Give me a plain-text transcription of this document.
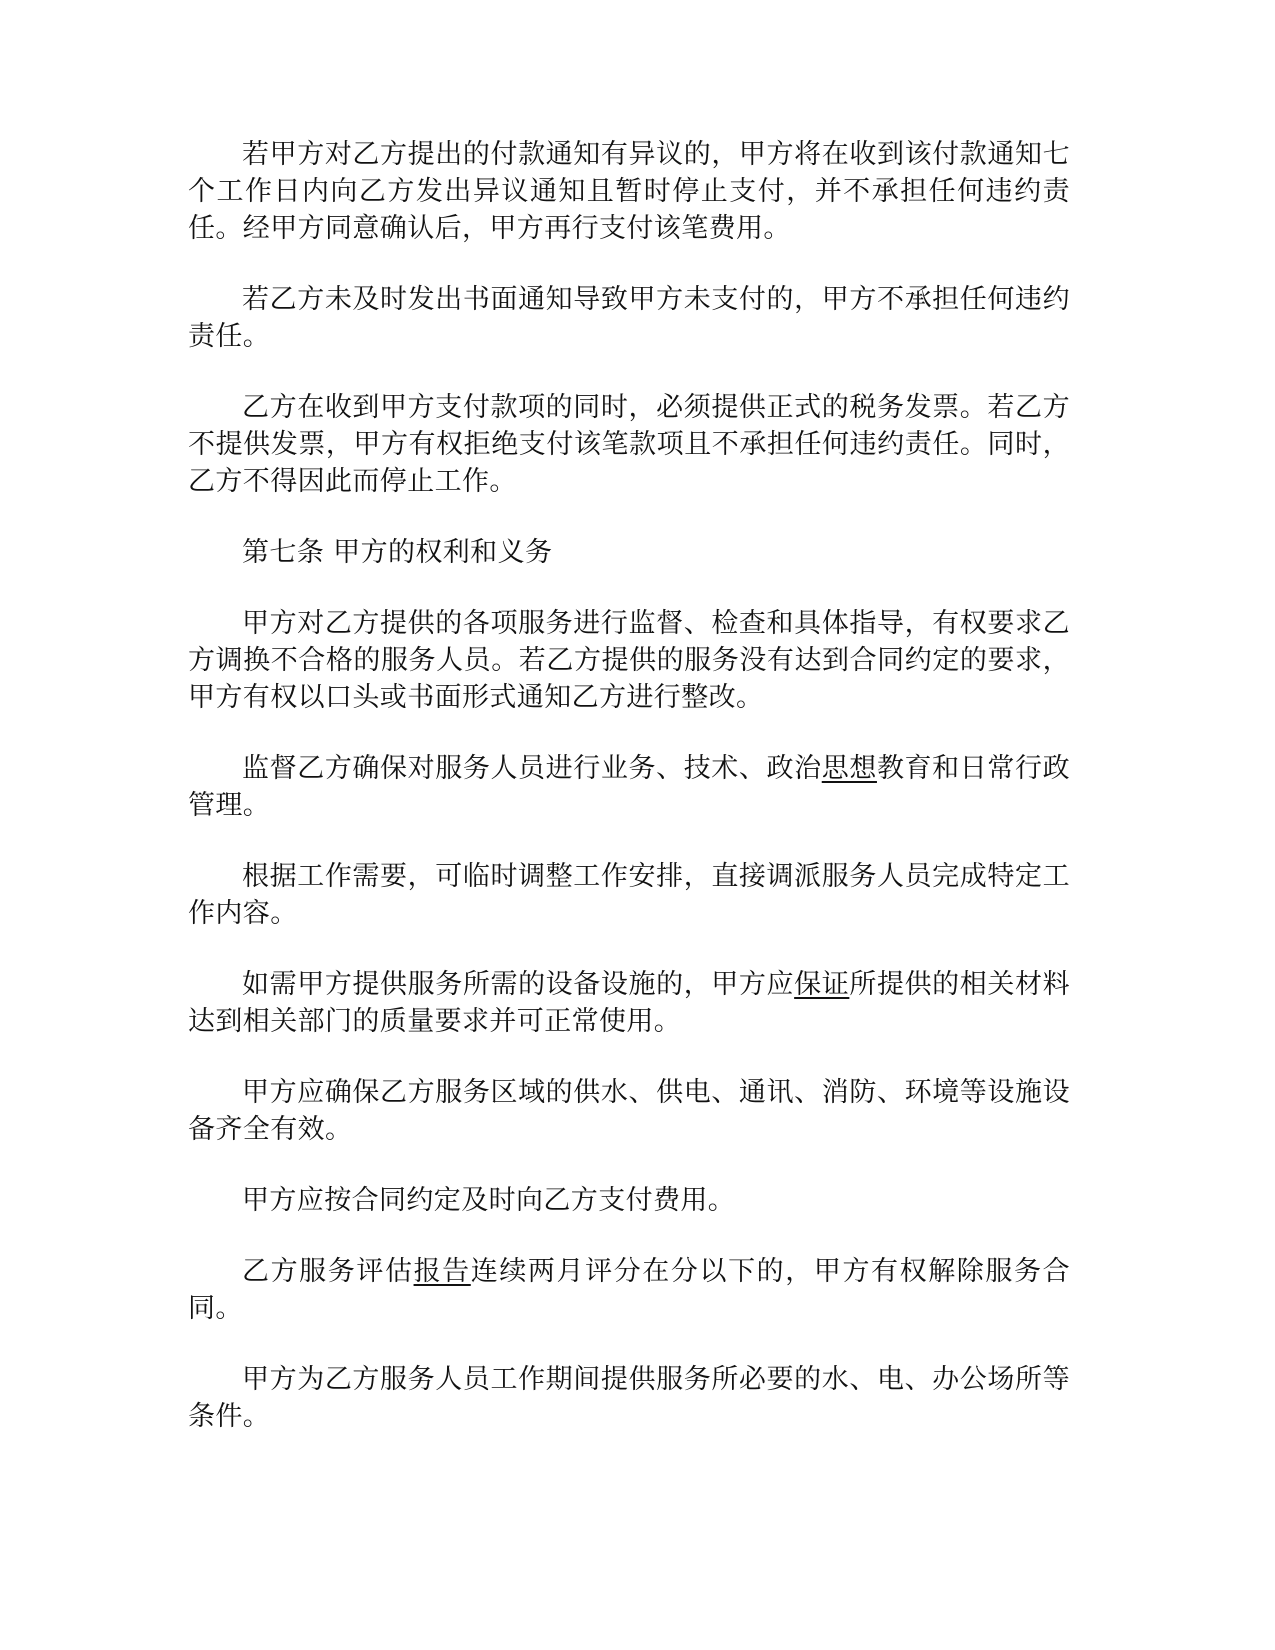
若甲方对乙方提出的付款通知有异议的，甲方将在收到该付款通知七个工作日内向乙方发出异议通知且暂时停止支付，并不承担任何违约责任。经甲方同意确认后，甲方再行支付该笔费用。

若乙方未及时发出书面通知导致甲方未支付的，甲方不承担任何违约责任。

乙方在收到甲方支付款项的同时，必须提供正式的税务发票。若乙方不提供发票，甲方有权拒绝支付该笔款项且不承担任何违约责任。同时，乙方不得因此而停止工作。

第七条 甲方的权利和义务

甲方对乙方提供的各项服务进行监督、检查和具体指导，有权要求乙方调换不合格的服务人员。若乙方提供的服务没有达到合同约定的要求，甲方有权以口头或书面形式通知乙方进行整改。

监督乙方确保对服务人员进行业务、技术、政治思想教育和日常行政管理。

根据工作需要，可临时调整工作安排，直接调派服务人员完成特定工作内容。

如需甲方提供服务所需的设备设施的，甲方应保证所提供的相关材料达到相关部门的质量要求并可正常使用。

甲方应确保乙方服务区域的供水、供电、通讯、消防、环境等设施设备齐全有效。

甲方应按合同约定及时向乙方支付费用。

乙方服务评估报告连续两月评分在分以下的，甲方有权解除服务合同。

甲方为乙方服务人员工作期间提供服务所必要的水、电、办公场所等条件。
